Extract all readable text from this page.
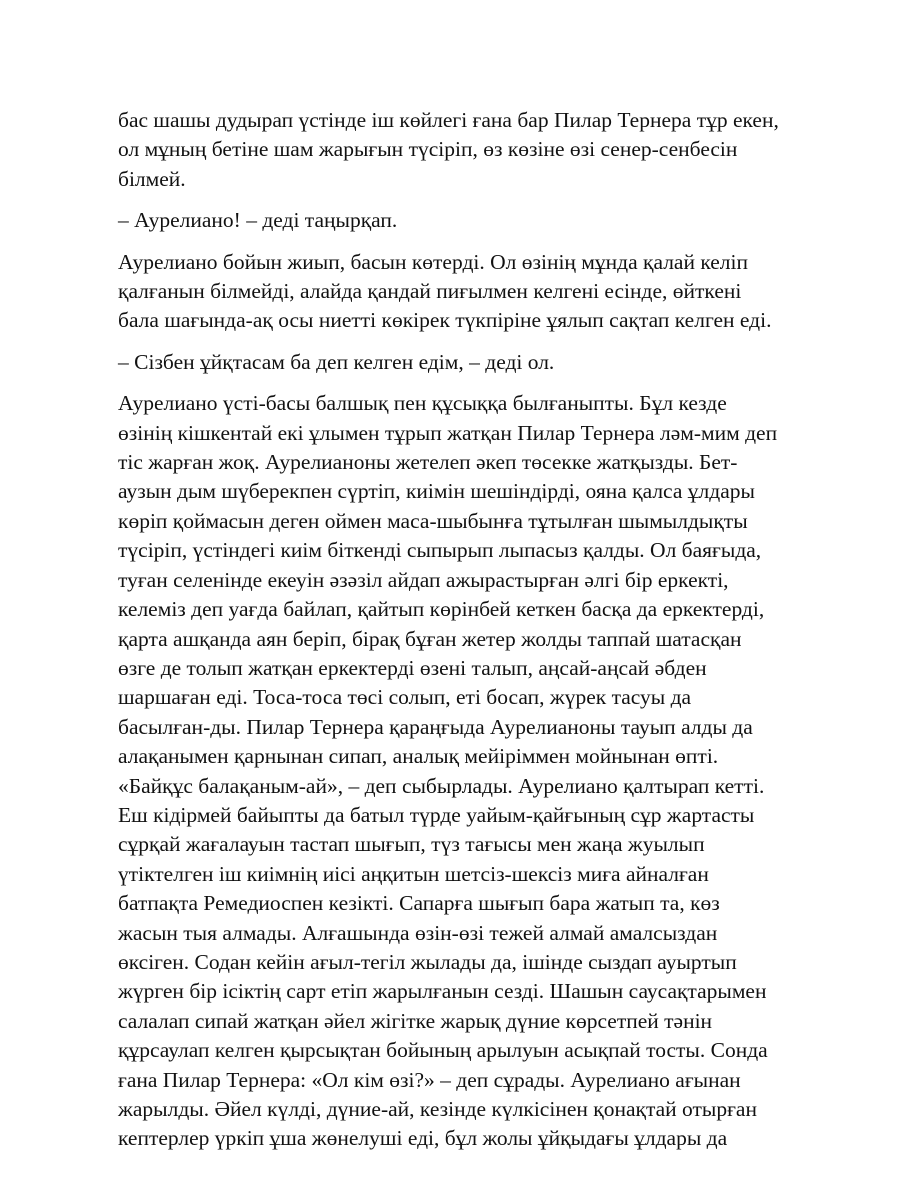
бас шашы дудырап үстінде іш көйлегі ғана бар Пилар Тернера тұр екен,
ол мұның бетіне шам жарығын түсіріп, өз көзіне өзі сенер-сенбесін
білмей.

– Аурелиано! – деді таңырқап.

Аурелиано бойын жиып, басын көтерді. Ол өзінің мұнда қалай келіп
қалғанын білмейді, алайда қандай пиғылмен келгені есінде, өйткені
бала шағында-ақ осы ниетті көкірек түкпіріне ұялып сақтап келген еді.

– Сізбен ұйқтасам ба деп келген едім, – деді ол.

Аурелиано үсті-басы балшық пен құсыққа былғаныпты. Бұл кезде
өзінің кішкентай екі ұлымен тұрып жатқан Пилар Тернера ләм-мим деп
тіс жарған жоқ. Аурелианоны жетелеп әкеп төсекке жатқызды. Бет-
аузын дым шүберекпен сүртіп, киімін шешіндірді, ояна қалса ұлдары
көріп қоймасын деген оймен маса-шыбынға тұтылған шымылдықты
түсіріп, үстіндегі киім біткенді сыпырып лыпасыз қалды. Ол баяғыда,
туған селенінде екеуін әзәзіл айдап ажырастырған әлгі бір еркекті,
келеміз деп уағда байлап, қайтып көрінбей кеткен басқа да еркектерді,
қарта ашқанда аян беріп, бірақ бұған жетер жолды таппай шатасқан
өзге де толып жатқан еркектерді өзені талып, аңсай-аңсай әбден
шаршаған еді. Тоса-тоса төсі солып, еті босап, жүрек тасуы да
басылған-ды. Пилар Тернера қараңғыда Аурелианоны тауып алды да
алақанымен қарнынан сипап, аналық мейіріммен мойнынан өпті.
«Байқұс балақаным-ай», – деп сыбырлады. Аурелиано қалтырап кетті.
Еш кідірмей байыпты да батыл түрде уайым-қайғының сұр жартасты
сұрқай жағалауын тастап шығып, түз тағысы мен жаңа жуылып
үтіктелген іш киімнің иісі аңқитын шетсіз-шексіз миға айналған
батпақта Ремедиоспен кезікті. Сапарға шығып бара жатып та, көз
жасын тыя алмады. Алғашында өзін-өзі тежей алмай амалсыздан
өксіген. Содан кейін ағыл-тегіл жылады да, ішінде сыздап ауыртып
жүрген бір ісіктің сарт етіп жарылғанын сезді. Шашын саусақтарымен
салалап сипай жатқан әйел жігітке жарық дүние көрсетпей тәнін
құрсаулап келген қырсықтан бойының арылуын асықпай тосты. Сонда
ғана Пилар Тернера: «Ол кім өзі?» – деп сұрады. Аурелиано ағынан
жарылды. Әйел күлді, дүние-ай, кезінде күлкісінен қонақтай отырған
кептерлер үркіп ұша жөнелуші еді, бұл жолы ұйқыдағы ұлдары да
